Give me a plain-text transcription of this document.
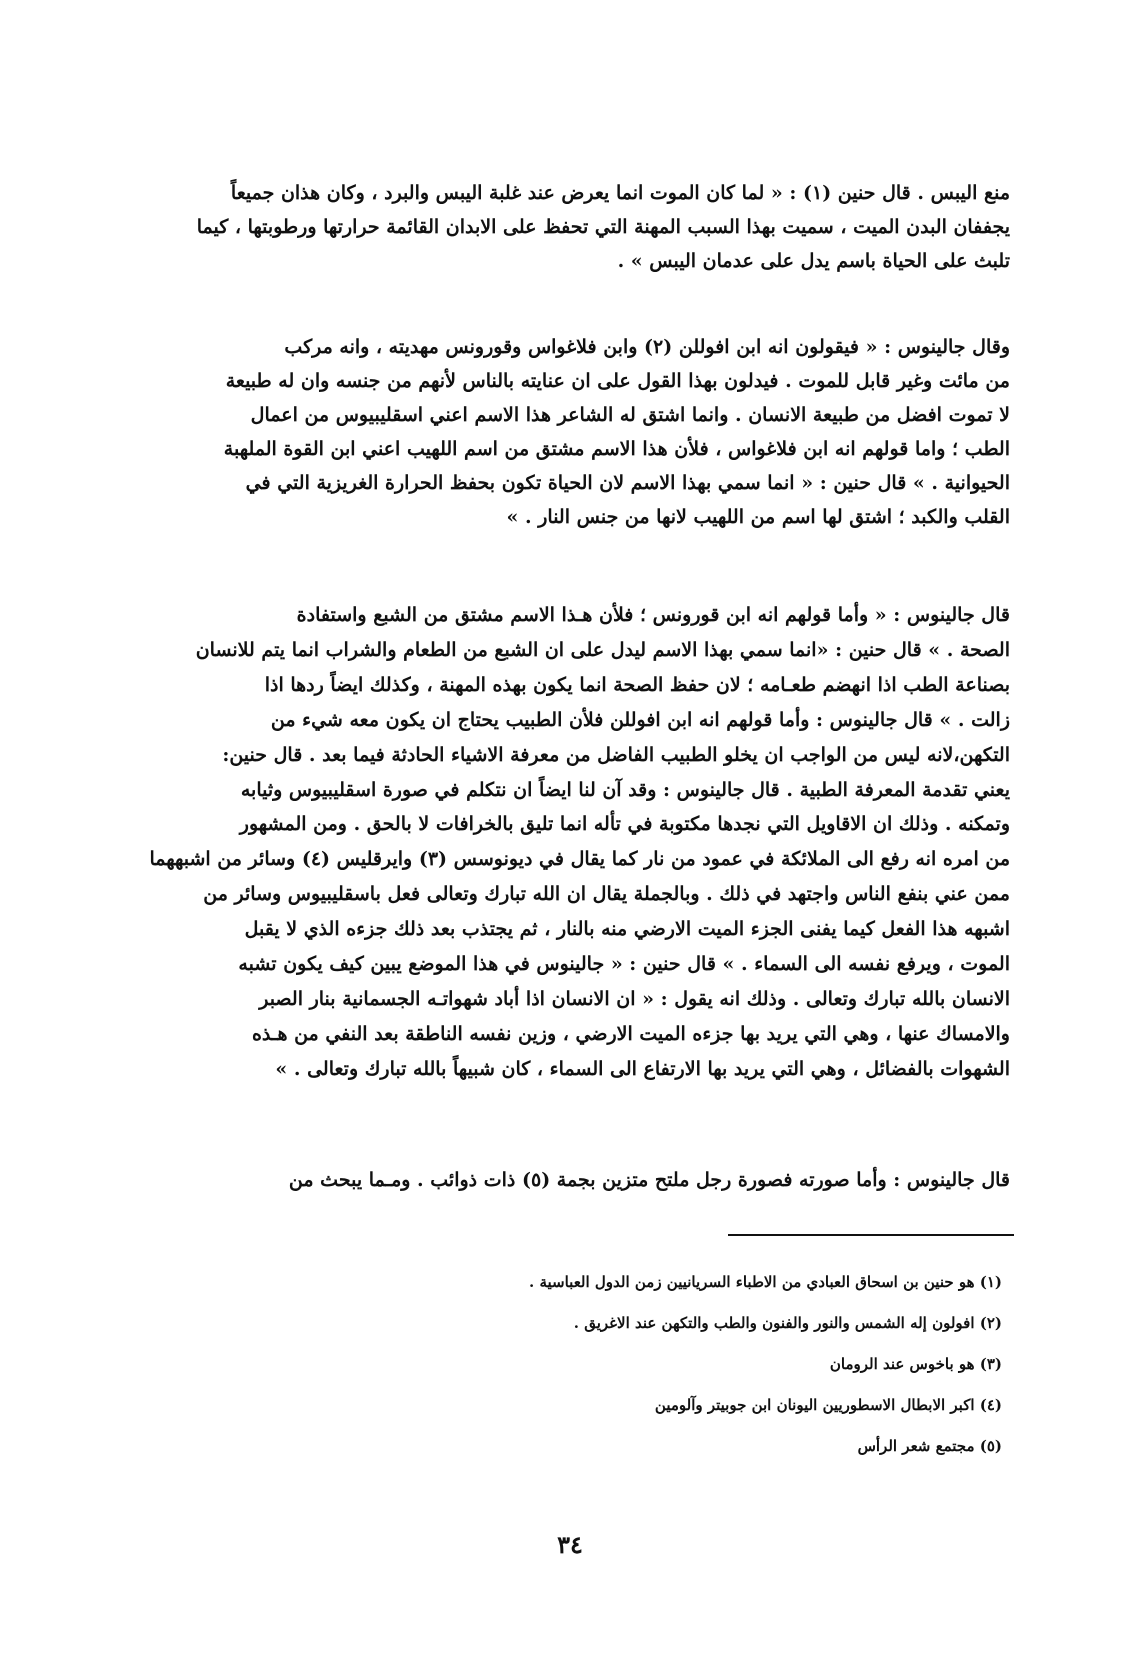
منع اليبس . قال حنين (١) : « لما كان الموت انما يعرض عند غلبة اليبس والبرد ، وكان هذان جميعاً
يجففان البدن الميت ، سميت بهذا السبب المهنة التي تحفظ على الابدان القائمة حرارتها ورطوبتها ، كيما
تلبث على الحياة باسم يدل على عدمان اليبس » .
وقال جالينوس : « فيقولون انه ابن افوللن (٢) وابن فلاغواس وقورونس مهديته ، وانه مركب
من مائت وغير قابل للموت . فيدلون بهذا القول على ان عنايته بالناس لأنهم من جنسه وان له طبيعة
لا تموت افضل من طبيعة الانسان . وانما اشتق له الشاعر هذا الاسم اعني اسقليبيوس من اعمال
الطب ؛ واما قولهم انه ابن فلاغواس ، فلأن هذا الاسم مشتق من اسم اللهيب اعني ابن القوة الملهبة
الحيوانية . » قال حنين : « انما سمي بهذا الاسم لان الحياة تكون بحفظ الحرارة الغريزية التي في
القلب والكبد ؛ اشتق لها اسم من اللهيب لانها من جنس النار . »
قال جالينوس : « وأما قولهم انه ابن قورونس ؛ فلأن هـذا الاسم مشتق من الشبع واستفادة
الصحة . » قال حنين : «انما سمي بهذا الاسم ليدل على ان الشبع من الطعام والشراب انما يتم للانسان
بصناعة الطب اذا انهضم طعـامه ؛ لان حفظ الصحة انما يكون بهذه المهنة ، وكذلك ايضاً ردها اذا
زالت . » قال جالينوس : وأما قولهم انه ابن افوللن فلأن الطبيب يحتاج ان يكون معه شيء من
التكهن،لانه ليس من الواجب ان يخلو الطبيب الفاضل من معرفة الاشياء الحادثة فيما بعد . قال حنين:
يعني تقدمة المعرفة الطبية . قال جالينوس : وقد آن لنا ايضاً ان نتكلم في صورة اسقليبيوس وثيابه
وتمكنه . وذلك ان الاقاويل التي نجدها مكتوبة في تأله انما تليق بالخرافات لا بالحق . ومن المشهور
من امره انه رفع الى الملائكة في عمود من نار كما يقال في ديونوسس (٣) وايرقليس (٤) وسائر من اشبههما
ممن عني بنفع الناس واجتهد في ذلك . وبالجملة يقال ان الله تبارك وتعالى فعل باسقليبيوس وسائر من
اشبهه هذا الفعل كيما يفنى الجزء الميت الارضي منه بالنار ، ثم يجتذب بعد ذلك جزءه الذي لا يقبل
الموت ، ويرفع نفسه الى السماء . » قال حنين : « جالينوس في هذا الموضع يبين كيف يكون تشبه
الانسان بالله تبارك وتعالى . وذلك انه يقول : « ان الانسان اذا أباد شهواتـه الجسمانية بنار الصبر
والامساك عنها ، وهي التي يريد بها جزءه الميت الارضي ، وزين نفسه الناطقة بعد النفي من هـذه
الشهوات بالفضائل ، وهي التي يريد بها الارتفاع الى السماء ، كان شبيهاً بالله تبارك وتعالى . »
قال جالينوس : وأما صورته فصورة رجل ملتح متزين بجمة (٥) ذات ذوائب . ومـما يبحث من
(١) هو حنين بن اسحاق العبادي من الاطباء السريانيين زمن الدول العباسية .
(٢) افولون إله الشمس والنور والفنون والطب والتكهن عند الاغريق .
(٣) هو باخوس عند الرومان
(٤) اكبر الابطال الاسطوريين اليونان ابن جوبيتر وآلومين
(٥) مجتمع شعر الرأس
٣٤
